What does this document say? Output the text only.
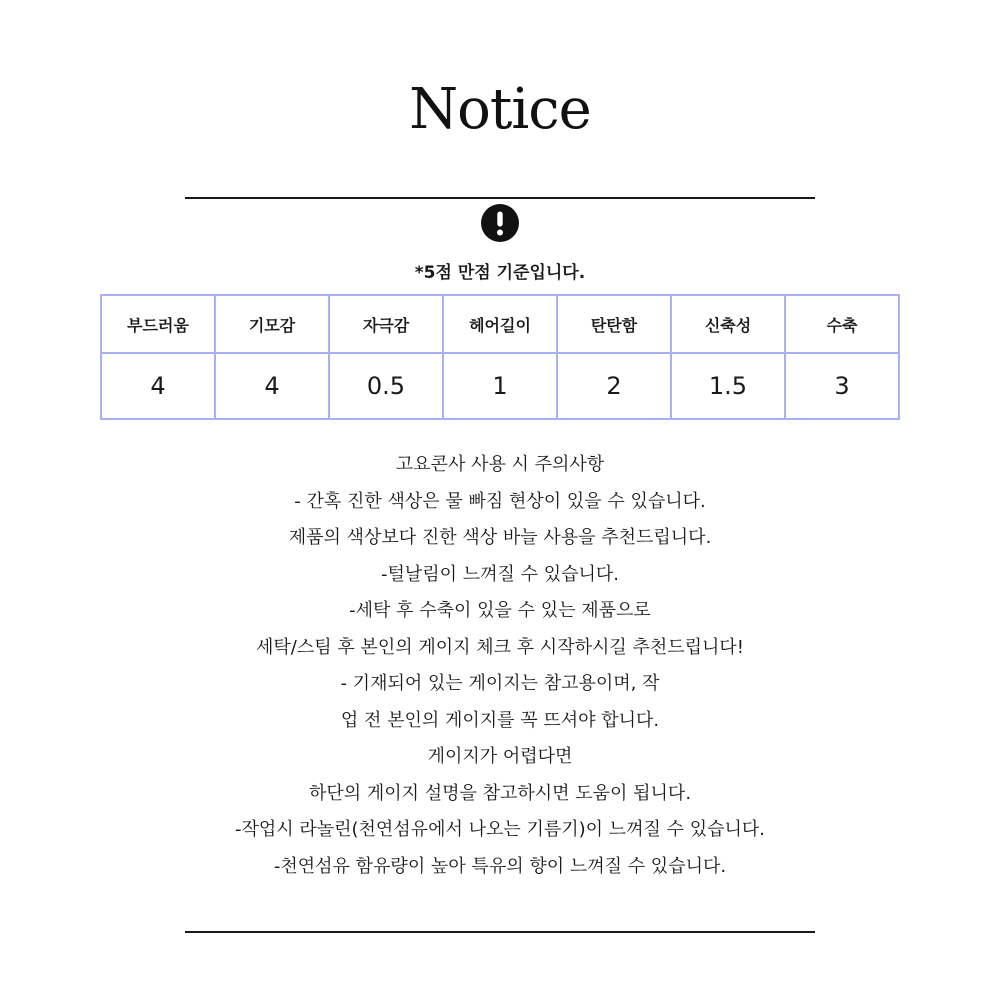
Notice
*5점 만점 기준입니다.
부드러움	기모감	자극감	헤어길이	탄탄함	신축성	수축
4	4	0.5	1	2	1.5	3
고요콘사 사용 시 주의사항
- 간혹 진한 색상은 물 빠짐 현상이 있을 수 있습니다.
제품의 색상보다 진한 색상 바늘 사용을 추천드립니다.
-털날림이 느껴질 수 있습니다.
-세탁 후 수축이 있을 수 있는 제품으로
세탁/스팀 후 본인의 게이지 체크 후 시작하시길 추천드립니다!
- 기재되어 있는 게이지는 참고용이며, 작
업 전 본인의 게이지를 꼭 뜨셔야 합니다.
게이지가 어렵다면
하단의 게이지 설명을 참고하시면 도움이 됩니다.
-작업시 라놀린(천연섬유에서 나오는 기름기)이 느껴질 수 있습니다.
-천연섬유 함유량이 높아 특유의 향이 느껴질 수 있습니다.
